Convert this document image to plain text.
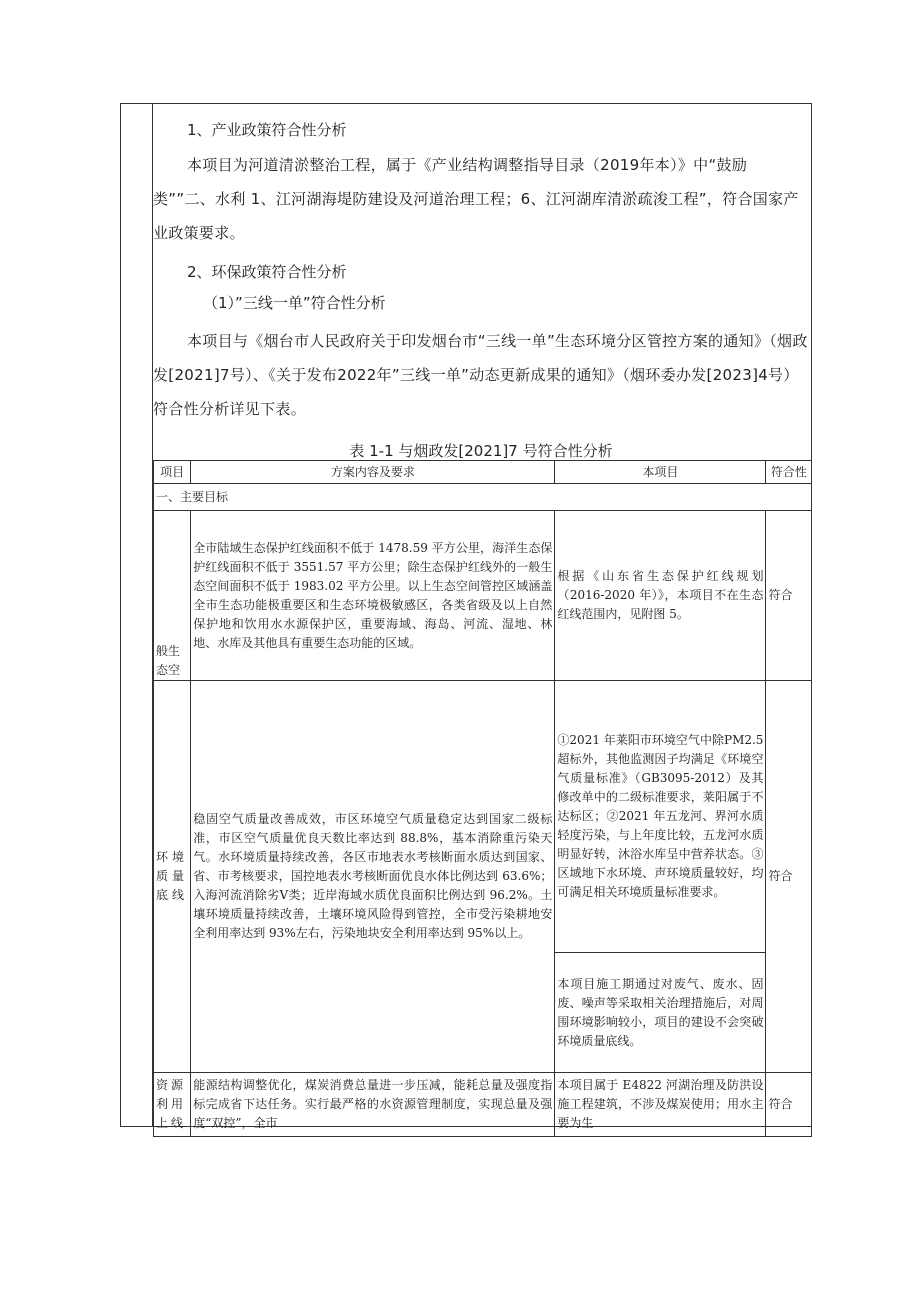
1、产业政策符合性分析
本项目为河道清淤整治工程，属于《产业结构调整指导目录（2019年本）》中“鼓励类””二、水利 1、江河湖海堤防建设及河道治理工程；6、江河湖库清淤疏浚工程”，符合国家产业政策要求。
2、环保政策符合性分析
（1）”三线一单”符合性分析
本项目与《烟台市人民政府关于印发烟台市“三线一单”生态环境分区管控方案的通知》（烟政发[2021]7号）、《关于发布2022年”三线一单”动态更新成果的通知》（烟环委办发[2023]4号）符合性分析详见下表。
表 1-1 与烟政发[2021]7 号符合性分析
项目	方案内容及要求	本项目	符合性
一、主要目标			
般生态空	全市陆域生态保护红线面积不低于 1478.59 平方公里，海洋生态保护红线面积不低于 3551.57 平方公里；除生态保护红线外的一般生态空间面积不低于 1983.02 平方公里。以上生态空间管控区域涵盖全市生态功能极重要区和生态环境极敏感区，各类省级及以上自然保护地和饮用水水源保护区，重要海域、海岛、河流、湿地、林地、水库及其他具有重要生态功能的区域。	根据《山东省生态保护红线规划（2016-2020 年）》，本项目不在生态红线范围内，见附图 5。	符合
环境质量底线	稳固空气质量改善成效，市区环境空气质量稳定达到国家二级标准，市区空气质量优良天数比率达到 88.8%，基本消除重污染天气。水环境质量持续改善，各区市地表水考核断面水质达到国家、省、市考核要求，国控地表水考核断面优良水体比例达到 63.6%；入海河流消除劣Ⅴ类；近岸海域水质优良面积比例达到 96.2%。土壤环境质量持续改善，土壤环境风险得到管控，全市受污染耕地安全利用率达到 93%左右，污染地块安全利用率达到 95%以上。	①2021 年莱阳市环境空气中除PM2.5 超标外，其他监测因子均满足《环境空气质量标准》（GB3095-2012）及其修改单中的二级标准要求，莱阳属于不达标区；②2021 年五龙河、界河水质轻度污染，与上年度比较，五龙河水质明显好转，沐浴水库呈中营养状态。③区域地下水环境、声环境质量较好，均可满足相关环境质量标准要求。	符合
		本项目施工期通过对废气、废水、固废、噪声等采取相关治理措施后，对周围环境影响较小，项目的建设不会突破环境质量底线。	
资源利用上线	能源结构调整优化，煤炭消费总量进一步压减，能耗总量及强度指标完成省下达任务。实行最严格的水资源管理制度，实现总量及强度“双控”，全市	本项目属于 E4822 河湖治理及防洪设施工程建筑，不涉及煤炭使用；用水主要为生	符合
